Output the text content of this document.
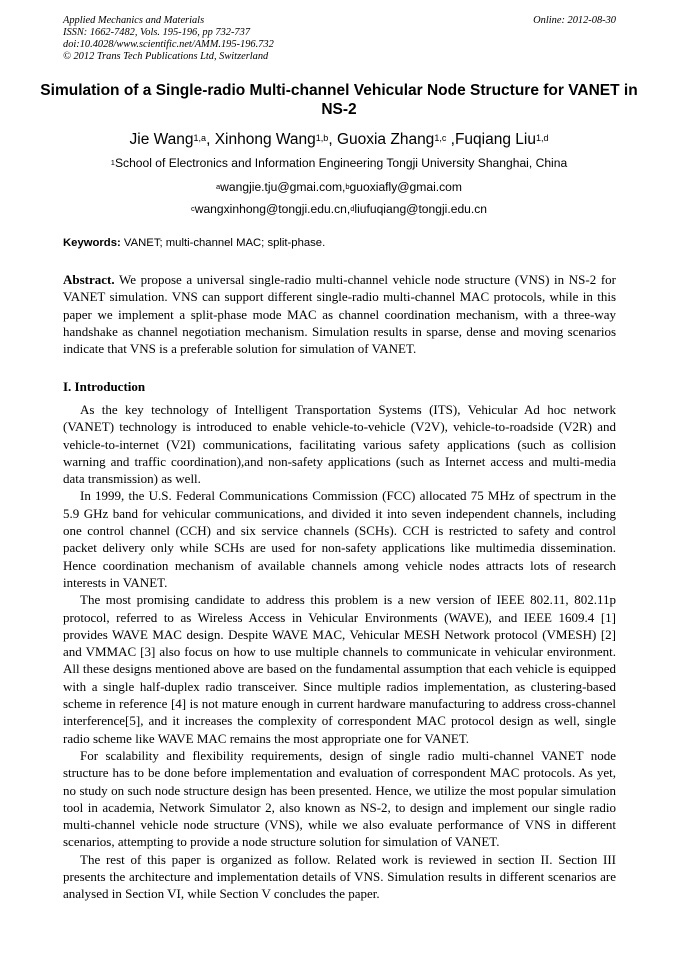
Applied Mechanics and Materials
ISSN: 1662-7482, Vols. 195-196, pp 732-737
doi:10.4028/www.scientific.net/AMM.195-196.732
© 2012 Trans Tech Publications Ltd, Switzerland
Online: 2012-08-30
Simulation of a Single-radio Multi-channel Vehicular Node Structure for VANET in NS-2
Jie Wang$^{1,a}$, Xinhong Wang$^{1,b}$, Guoxia Zhang$^{1,c}$ ,Fuqiang Liu$^{1,d}$
$^1$School of Electronics and Information Engineering Tongji University Shanghai, China
$^a$wangjie.tju@gmai.com,$^b$guoxiafly@gmai.com
$^c$wangxinhong@tongji.edu.cn,$^d$liufuqiang@tongji.edu.cn
Keywords: VANET; multi-channel MAC; split-phase.
Abstract. We propose a universal single-radio multi-channel vehicle node structure (VNS) in NS-2 for VANET simulation. VNS can support different single-radio multi-channel MAC protocols, while in this paper we implement a split-phase mode MAC as channel coordination mechanism, with a three-way handshake as channel negotiation mechanism. Simulation results in sparse, dense and moving scenarios indicate that VNS is a preferable solution for simulation of VANET.
I. Introduction

As the key technology of Intelligent Transportation Systems (ITS), Vehicular Ad hoc network (VANET) technology is introduced to enable vehicle-to-vehicle (V2V), vehicle-to-roadside (V2R) and vehicle-to-internet (V2I) communications, facilitating various safety applications (such as collision warning and traffic coordination),and non-safety applications (such as Internet access and multi-media data transmission) as well.

In 1999, the U.S. Federal Communications Commission (FCC) allocated 75 MHz of spectrum in the 5.9 GHz band for vehicular communications, and divided it into seven independent channels, including one control channel (CCH) and six service channels (SCHs). CCH is restricted to safety and control packet delivery only while SCHs are used for non-safety applications like multimedia dissemination. Hence coordination mechanism of available channels among vehicle nodes attracts lots of research interests in VANET.

The most promising candidate to address this problem is a new version of IEEE 802.11, 802.11p protocol, referred to as Wireless Access in Vehicular Environments (WAVE), and IEEE 1609.4 [1] provides WAVE MAC design. Despite WAVE MAC, Vehicular MESH Network protocol (VMESH) [2] and VMMAC [3] also focus on how to use multiple channels to communicate in vehicular environment. All these designs mentioned above are based on the fundamental assumption that each vehicle is equipped with a single half-duplex radio transceiver. Since multiple radios implementation, as clustering-based scheme in reference [4] is not mature enough in current hardware manufacturing to address cross-channel interference[5], and it increases the complexity of correspondent MAC protocol design as well, single radio scheme like WAVE MAC remains the most appropriate one for VANET.

For scalability and flexibility requirements, design of single radio multi-channel VANET node structure has to be done before implementation and evaluation of correspondent MAC protocols. As yet, no study on such node structure design has been presented. Hence, we utilize the most popular simulation tool in academia, Network Simulator 2, also known as NS-2, to design and implement our single radio multi-channel vehicle node structure (VNS), while we also evaluate performance of VNS in different scenarios, attempting to provide a node structure solution for simulation of VANET.

The rest of this paper is organized as follow. Related work is reviewed in section II. Section III presents the architecture and implementation details of VNS. Simulation results in different scenarios are analysed in Section VI, while Section V concludes the paper.
